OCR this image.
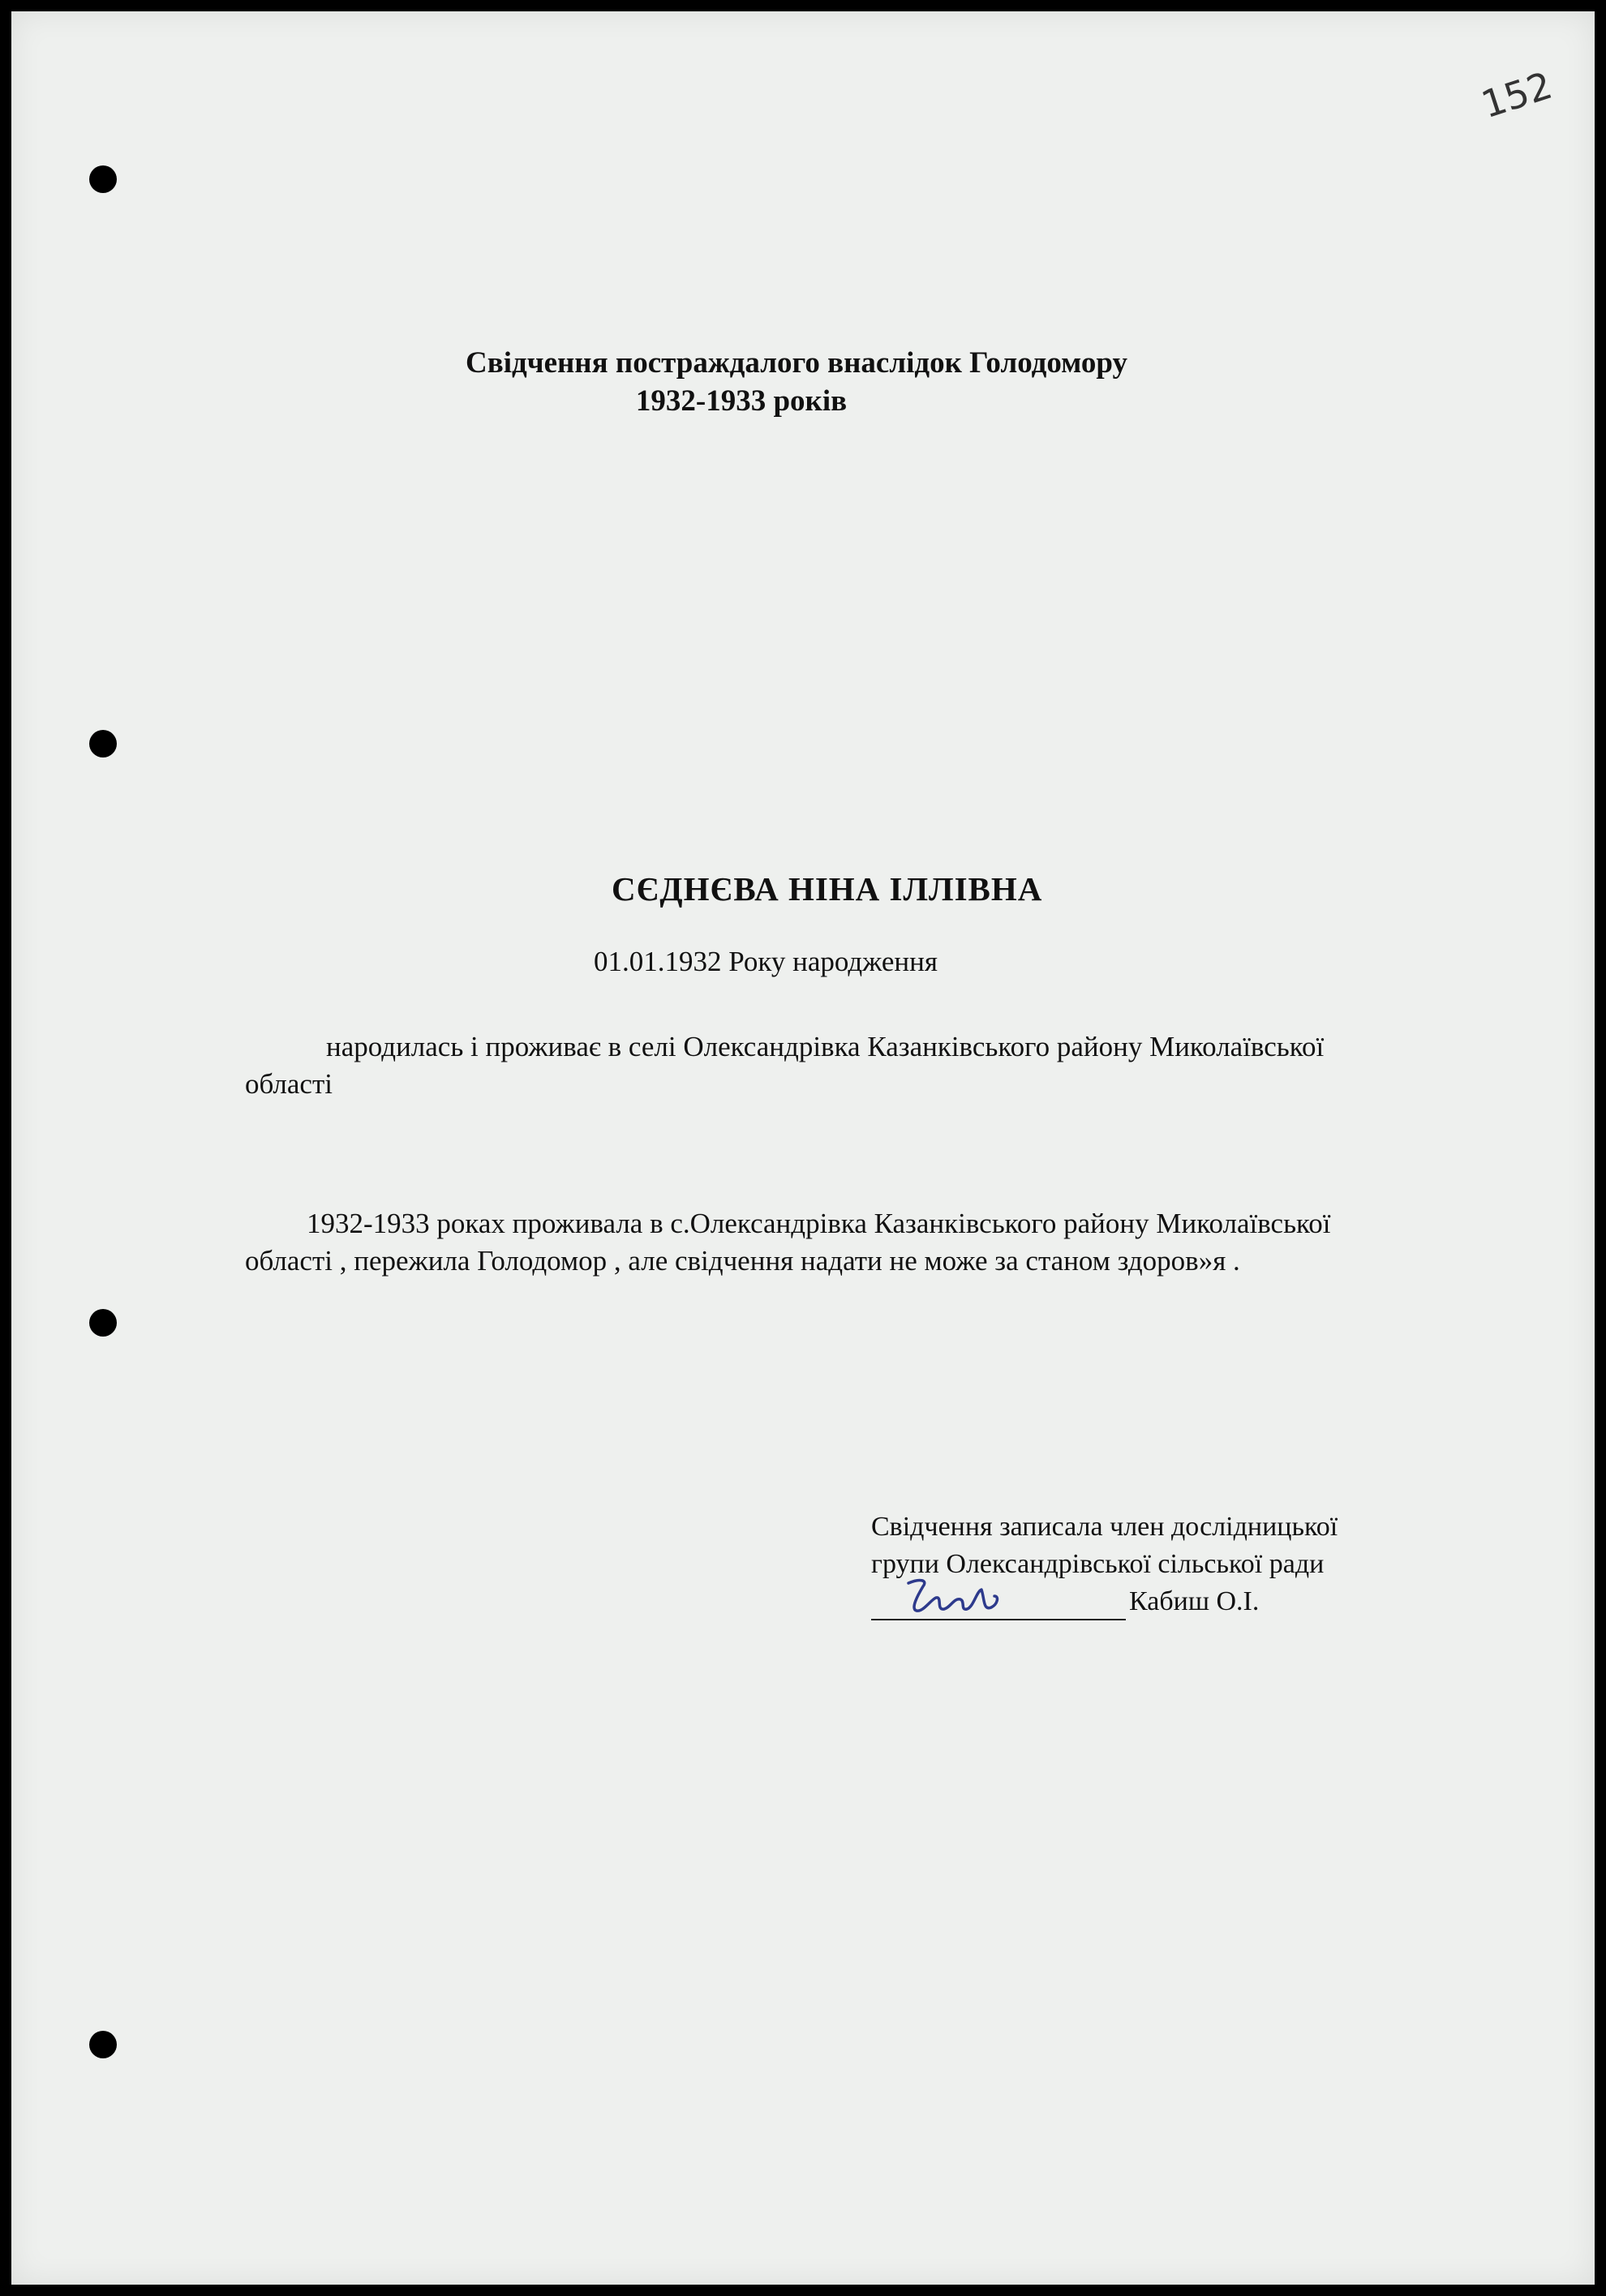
152
Свідчення постраждалого внаслідок Голодомору
1932-1933 років
СЄДНЄВА НІНА ІЛЛІВНА
01.01.1932 Року народження
народилась і проживає в селі Олександрівка Казанківського району Миколаївської
області
1932-1933 роках проживала в с.Олександрівка Казанківського району Миколаївської
області , пережила Голодомор , але свідчення надати не може за станом здоров»я .
Свідчення записала член дослідницької
групи Олександрівської сільської ради
Кабиш О.І.
